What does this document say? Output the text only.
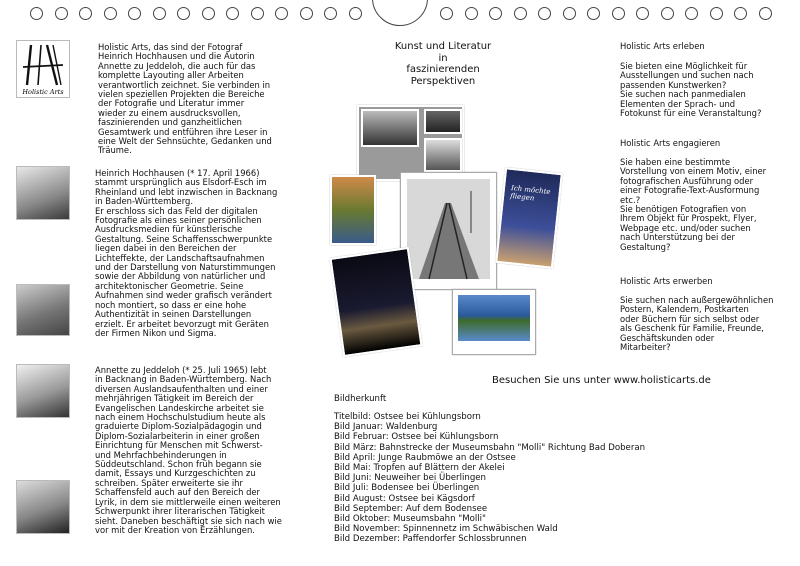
Holistic Arts
Holistic Arts, das sind der Fotograf
Heinrich Hochhausen und die Autorin
Annette zu Jeddeloh, die auch für das
komplette Layouting aller Arbeiten
verantwortlich zeichnet. Sie verbinden in
vielen speziellen Projekten die Bereiche
der Fotografie und Literatur immer
wieder zu einem ausdrucksvollen,
faszinierenden und ganzheitlichen
Gesamtwerk und entführen ihre Leser in
eine Welt der Sehnsüchte, Gedanken und
Träume.
Heinrich Hochhausen (* 17. April 1966)
stammt ursprünglich aus Elsdorf-Esch im
Rheinland und lebt inzwischen in Backnang
in Baden-Württemberg.
Er erschloss sich das Feld der digitalen
Fotografie als eines seiner persönlichen
Ausdrucksmedien für künstlerische
Gestaltung. Seine Schaffensschwerpunkte
liegen dabei in den Bereichen der
Lichteffekte, der Landschaftsaufnahmen
und der Darstellung von Naturstimmungen
sowie der Abbildung von natürlicher und
architektonischer Geometrie. Seine
Aufnahmen sind weder grafisch verändert
noch montiert, so dass er eine hohe
Authentizität in seinen Darstellungen
erzielt. Er arbeitet bevorzugt mit Geräten
der Firmen Nikon und Sigma.
Annette zu Jeddeloh (* 25. Juli 1965) lebt
in Backnang in Baden-Württemberg. Nach
diversen Auslandsaufenthalten und einer
mehrjährigen Tätigkeit im Bereich der
Evangelischen Landeskirche arbeitet sie
nach einem Hochschulstudium heute als
graduierte Diplom-Sozialpädagogin und
Diplom-Sozialarbeiterin in einer großen
Einrichtung für Menschen mit Schwerst-
und Mehrfachbehinderungen in
Süddeutschland. Schon früh begann sie
damit, Essays und Kurzgeschichten zu
schreiben. Später erweiterte sie ihr
Schaffensfeld auch auf den Bereich der
Lyrik, in dem sie mittlerweile einen weiteren
Schwerpunkt ihrer literarischen Tätigkeit
sieht. Daneben beschäftigt sie sich nach wie
vor mit der Kreation von Erzählungen.
Kunst und Literatur
in
faszinierenden
Perspektiven
Ich möchte fliegen
Besuchen Sie uns unter www.holisticarts.de
Bildherkunft
Titelbild: Ostsee bei Kühlungsborn
Bild Januar: Waldenburg
Bild Februar: Ostsee bei Kühlungsborn
Bild März: Bahnstrecke der Museumsbahn "Molli" Richtung Bad Doberan
Bild April: Junge Raubmöwe an der Ostsee
Bild Mai: Tropfen auf Blättern der Akelei
Bild Juni: Neuweiher bei Überlingen
Bild Juli: Bodensee bei Überlingen
Bild August: Ostsee bei Kägsdorf
Bild September: Auf dem Bodensee
Bild Oktober: Museumsbahn "Molli"
Bild November: Spinnennetz im Schwäbischen Wald
Bild Dezember: Paffendorfer Schlossbrunnen
Holistic Arts erleben
Sie bieten eine Möglichkeit für
Ausstellungen und suchen nach
passenden Kunstwerken?
Sie suchen nach panmedialen
Elementen der Sprach- und
Fotokunst für eine Veranstaltung?
Holistic Arts engagieren
Sie haben eine bestimmte
Vorstellung von einem Motiv, einer
fotografischen Ausführung oder
einer Fotografie-Text-Ausformung
etc.?
Sie benötigen Fotografien von
Ihrem Objekt für Prospekt, Flyer,
Webpage etc. und/oder suchen
nach Unterstützung bei der
Gestaltung?
Holistic Arts erwerben
Sie suchen nach außergewöhnlichen
Postern, Kalendern, Postkarten
oder Büchern für sich selbst oder
als Geschenk für Familie, Freunde,
Geschäftskunden oder
Mitarbeiter?
